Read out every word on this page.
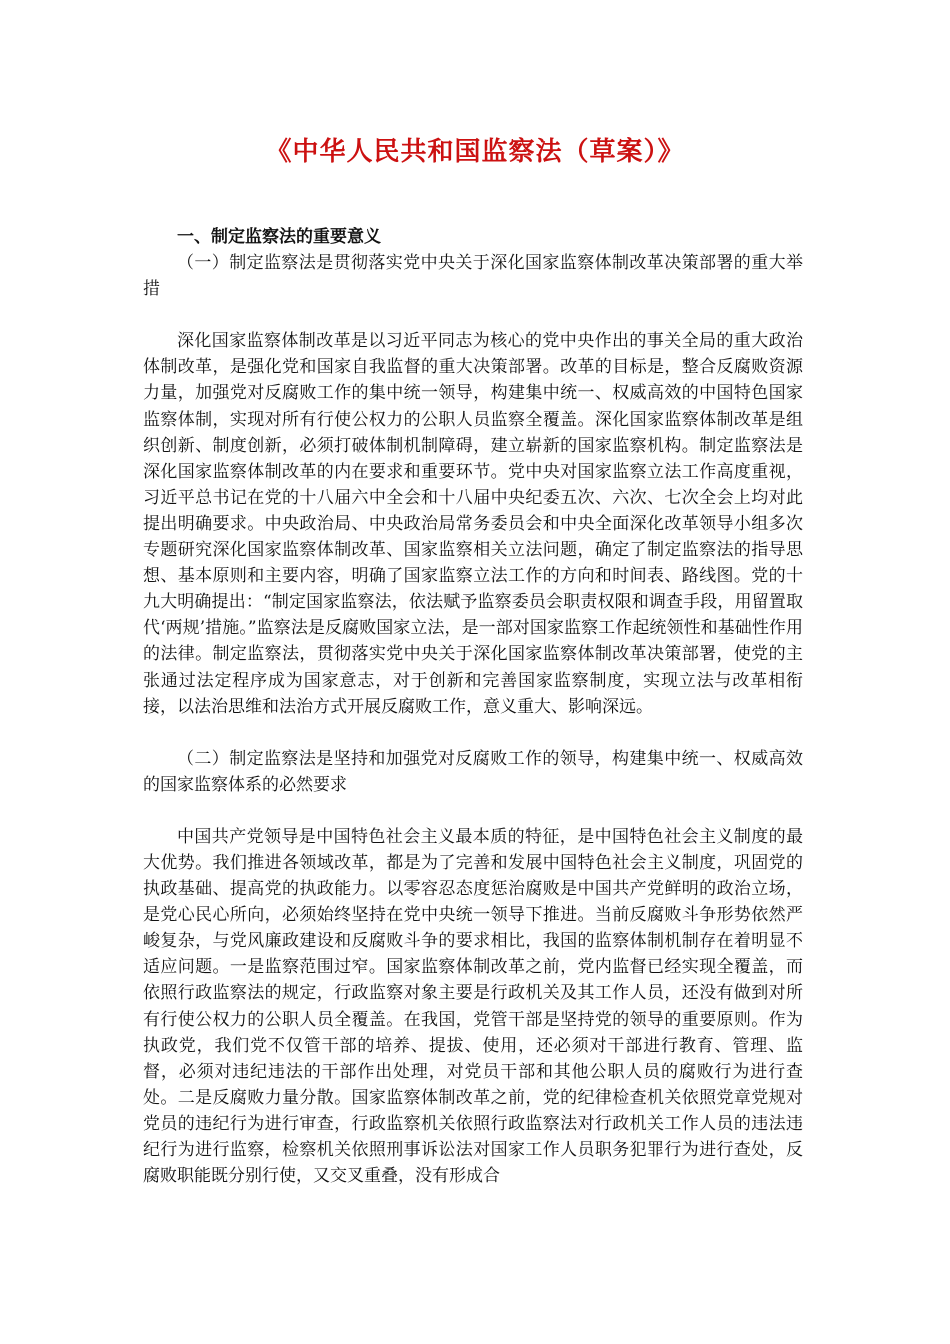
《中华人民共和国监察法（草案）》

一、制定监察法的重要意义

（一）制定监察法是贯彻落实党中央关于深化国家监察体制改革决策部署的重大举措

深化国家监察体制改革是以习近平同志为核心的党中央作出的事关全局的重大政治体制改革，是强化党和国家自我监督的重大决策部署。改革的目标是，整合反腐败资源力量，加强党对反腐败工作的集中统一领导，构建集中统一、权威高效的中国特色国家监察体制，实现对所有行使公权力的公职人员监察全覆盖。深化国家监察体制改革是组织创新、制度创新，必须打破体制机制障碍，建立崭新的国家监察机构。制定监察法是深化国家监察体制改革的内在要求和重要环节。党中央对国家监察立法工作高度重视，习近平总书记在党的十八届六中全会和十八届中央纪委五次、六次、七次全会上均对此提出明确要求。中央政治局、中央政治局常务委员会和中央全面深化改革领导小组多次专题研究深化国家监察体制改革、国家监察相关立法问题，确定了制定监察法的指导思想、基本原则和主要内容，明确了国家监察立法工作的方向和时间表、路线图。党的十九大明确提出：“制定国家监察法，依法赋予监察委员会职责权限和调查手段，用留置取代‘两规’措施。”监察法是反腐败国家立法，是一部对国家监察工作起统领性和基础性作用的法律。制定监察法，贯彻落实党中央关于深化国家监察体制改革决策部署，使党的主张通过法定程序成为国家意志，对于创新和完善国家监察制度，实现立法与改革相衔接，以法治思维和法治方式开展反腐败工作，意义重大、影响深远。

（二）制定监察法是坚持和加强党对反腐败工作的领导，构建集中统一、权威高效的国家监察体系的必然要求

中国共产党领导是中国特色社会主义最本质的特征，是中国特色社会主义制度的最大优势。我们推进各领域改革，都是为了完善和发展中国特色社会主义制度，巩固党的执政基础、提高党的执政能力。以零容忍态度惩治腐败是中国共产党鲜明的政治立场，是党心民心所向，必须始终坚持在党中央统一领导下推进。当前反腐败斗争形势依然严峻复杂，与党风廉政建设和反腐败斗争的要求相比，我国的监察体制机制存在着明显不适应问题。一是监察范围过窄。国家监察体制改革之前，党内监督已经实现全覆盖，而依照行政监察法的规定，行政监察对象主要是行政机关及其工作人员，还没有做到对所有行使公权力的公职人员全覆盖。在我国，党管干部是坚持党的领导的重要原则。作为执政党，我们党不仅管干部的培养、提拔、使用，还必须对干部进行教育、管理、监督，必须对违纪违法的干部作出处理，对党员干部和其他公职人员的腐败行为进行查处。二是反腐败力量分散。国家监察体制改革之前，党的纪律检查机关依照党章党规对党员的违纪行为进行审查，行政监察机关依照行政监察法对行政机关工作人员的违法违纪行为进行监察，检察机关依照刑事诉讼法对国家工作人员职务犯罪行为进行查处，反腐败职能既分别行使，又交叉重叠，没有形成合
